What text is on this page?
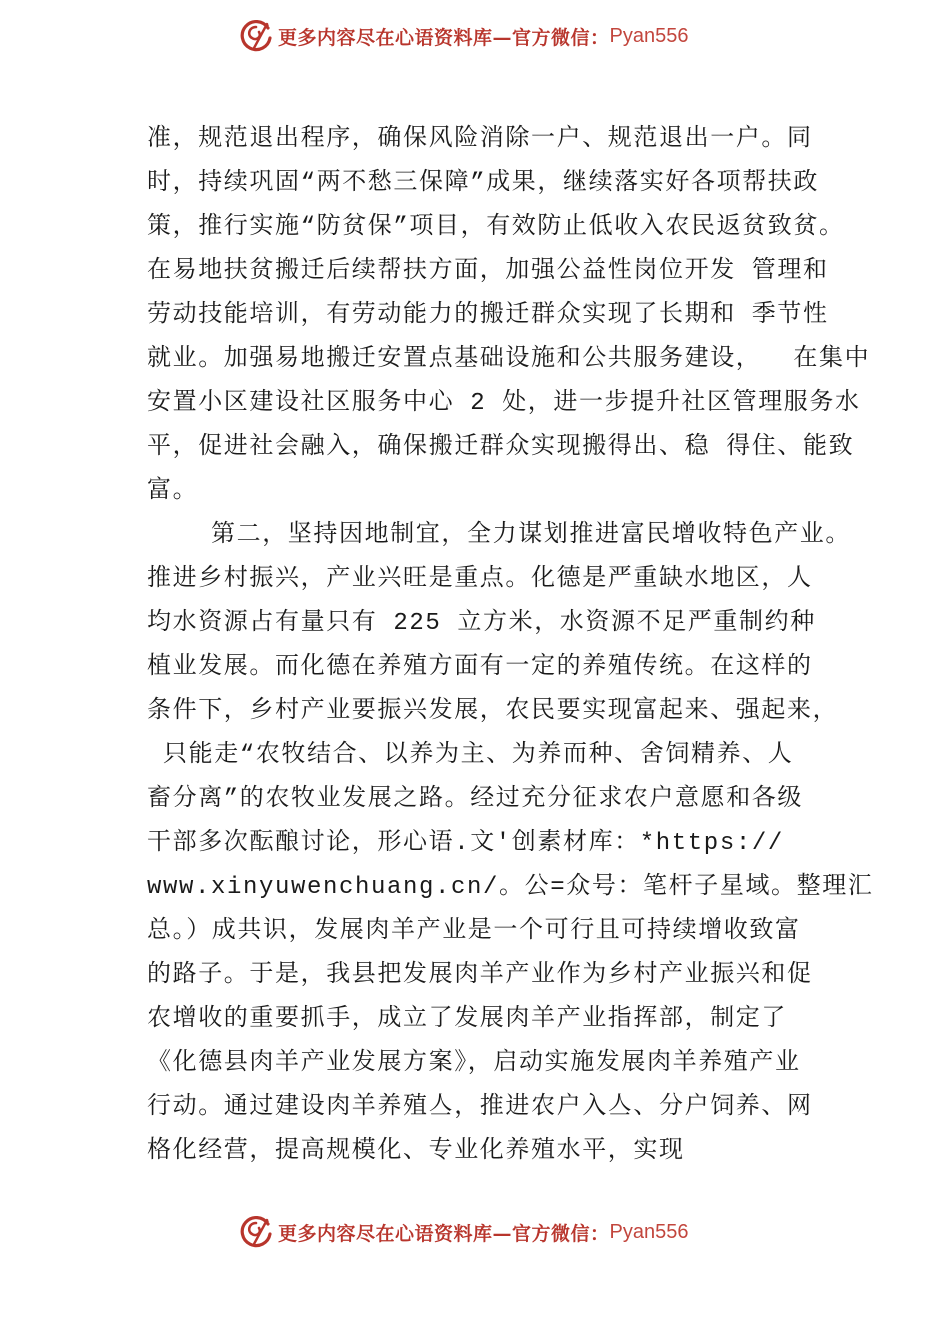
更多内容尽在心语资料库—官方微信： Pyan556
准，规范退出程序，确保风险消除一户、规范退出一户。同
时，持续巩固“两不愁三保障”成果，继续落实好各项帮扶政
策，推行实施“防贫保”项目，有效防止低收入农民返贫致贫。
在易地扶贫搬迁后续帮扶方面，加强公益性岗位开发 管理和
劳动技能培训，有劳动能力的搬迁群众实现了长期和 季节性
就业。加强易地搬迁安置点基础设施和公共服务建设，  在集中
安置小区建设社区服务中心 2 处，进一步提升社区管理服务水
平，促进社会融入，确保搬迁群众实现搬得出、稳 得住、能致
富。
第二，坚持因地制宜，全力谋划推进富民增收特色产业。
推进乡村振兴，产业兴旺是重点。化德是严重缺水地区，人
均水资源占有量只有 225 立方米，水资源不足严重制约种
植业发展。而化德在养殖方面有一定的养殖传统。在这样的
条件下，乡村产业要振兴发展，农民要实现富起来、强起来，
只能走“农牧结合、以养为主、为养而种、舍饲精养、人
畜分离”的农牧业发展之路。经过充分征求农户意愿和各级
干部多次酝酿讨论，形心语.文'创素材库：*https://
www.xinyuwenchuang.cn/。公=众号：笔杆子星域。整理汇
总。）成共识，发展肉羊产业是一个可行且可持续增收致富
的路子。于是，我县把发展肉羊产业作为乡村产业振兴和促
农增收的重要抓手，成立了发展肉羊产业指挥部，制定了
《化德县肉羊产业发展方案》，启动实施发展肉羊养殖产业
行动。通过建设肉羊养殖亼，推进农户入亼、分户饲养、网
格化经营，提高规模化、专业化养殖水平，实现
更多内容尽在心语资料库—官方微信： Pyan556
